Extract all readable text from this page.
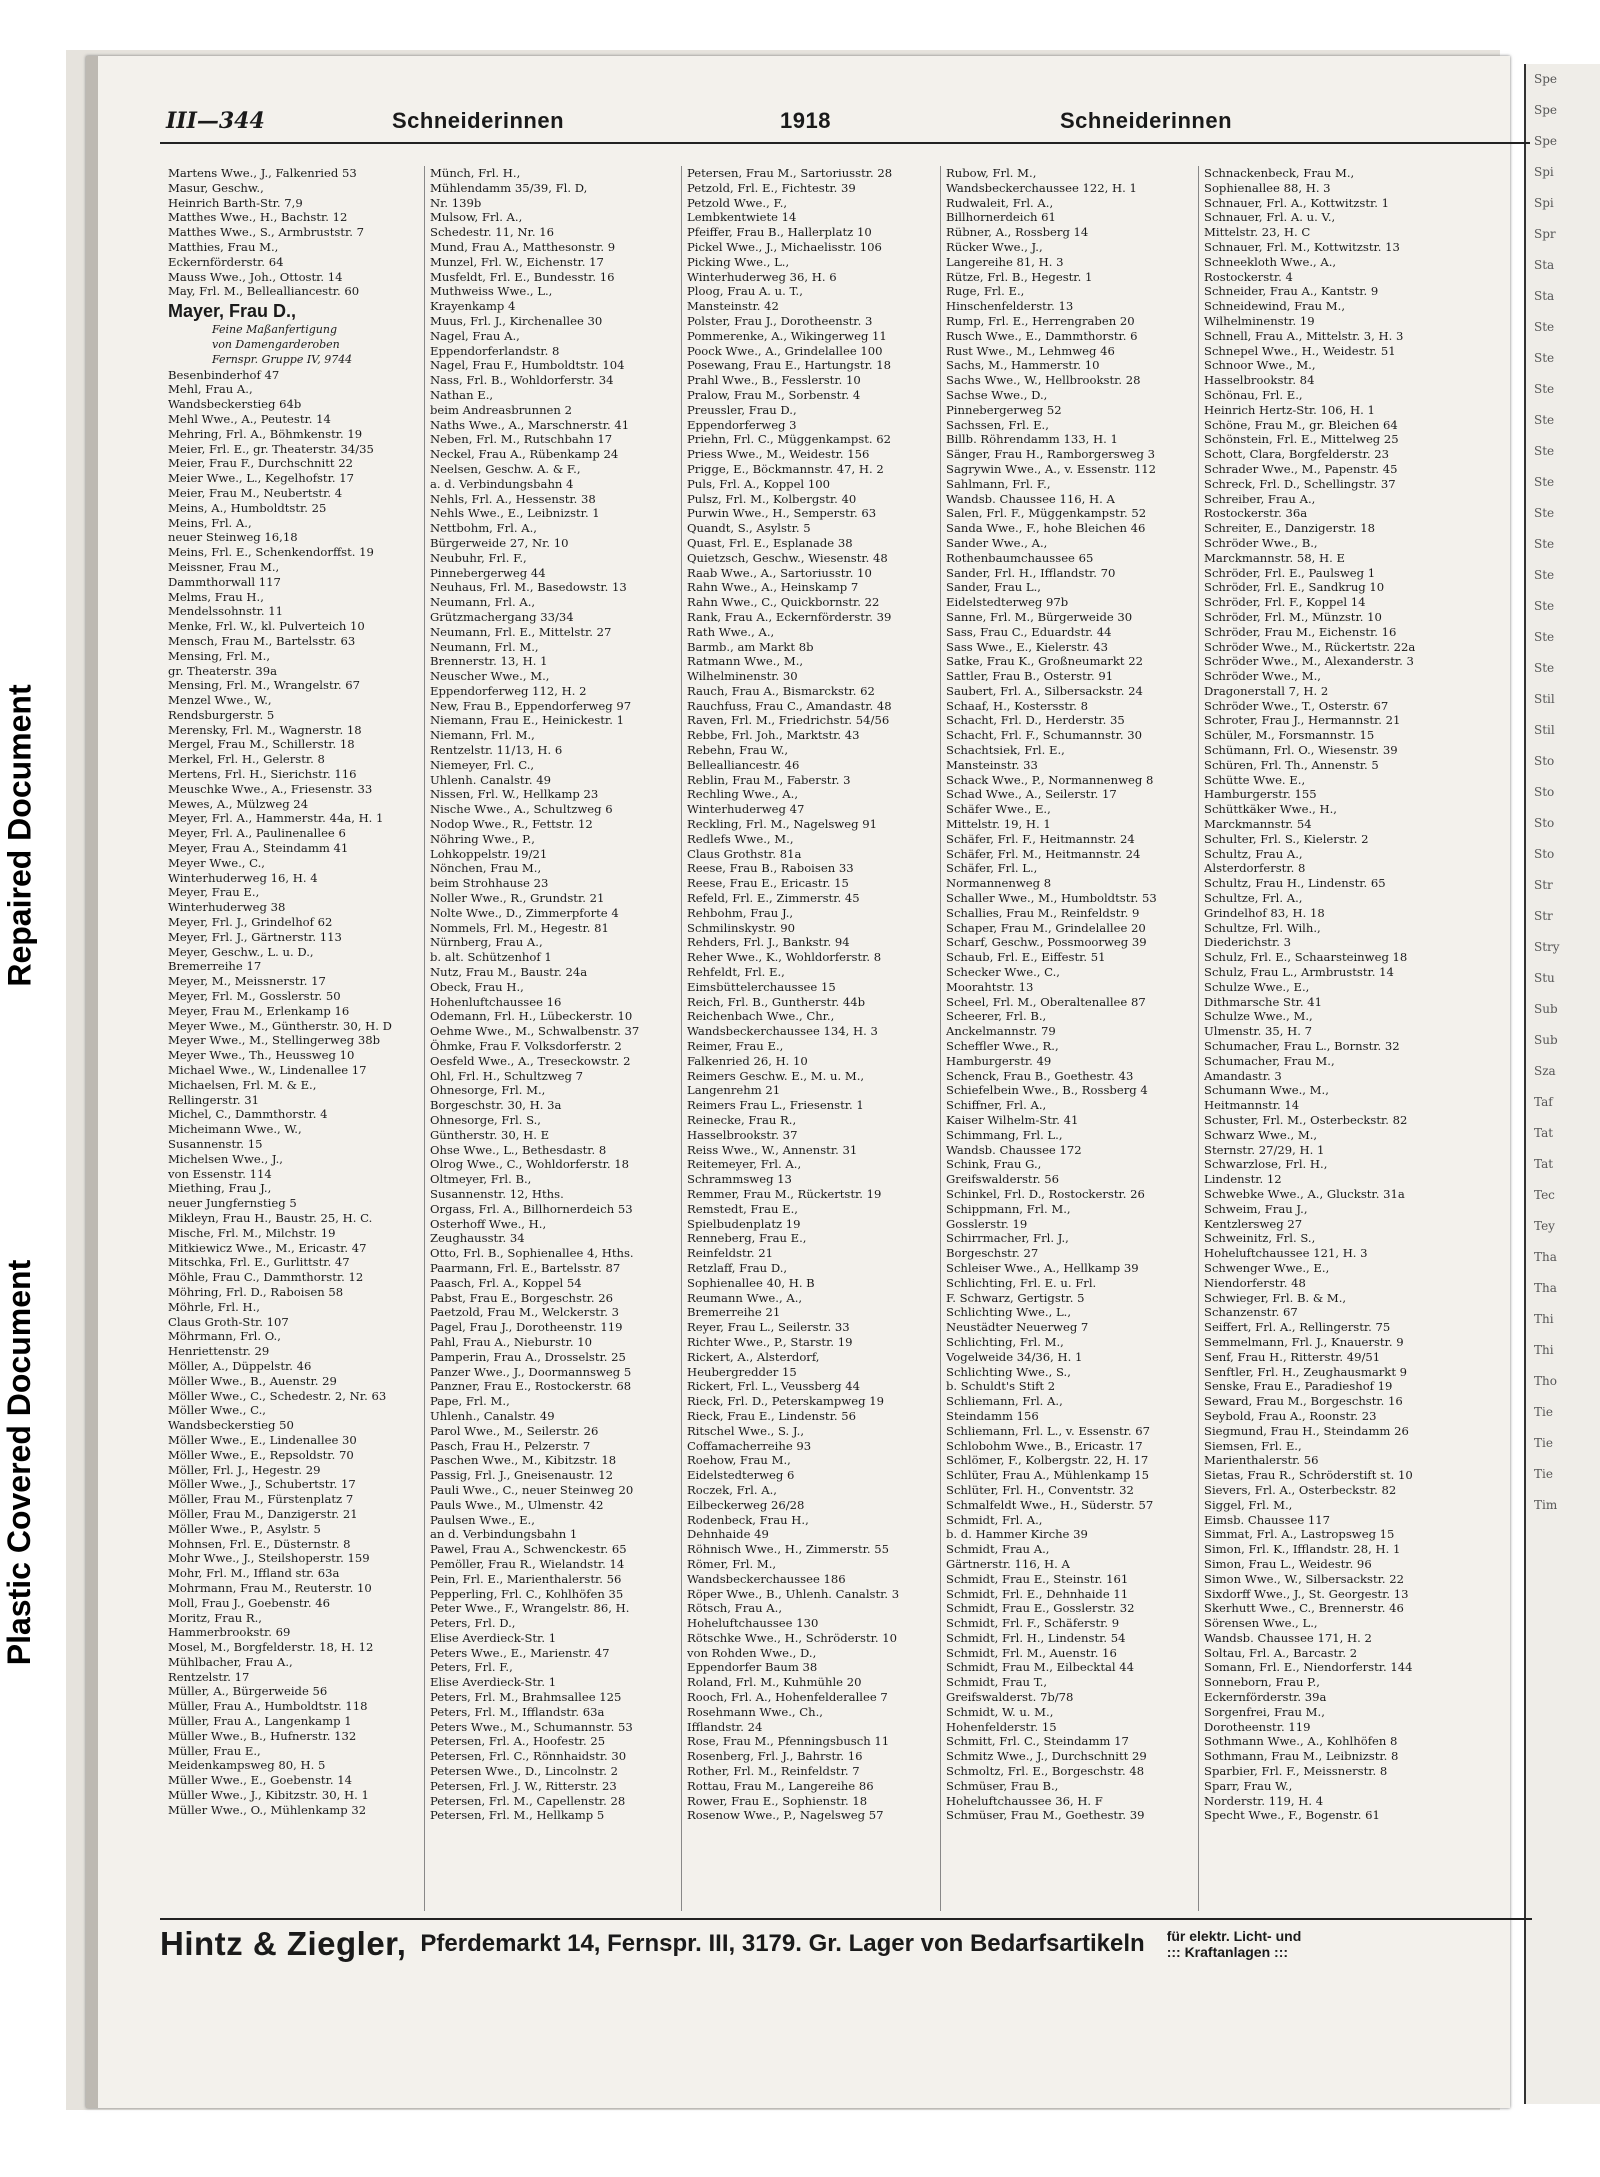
Repaired Document
Plastic Covered Document
Spe
Spe
Spe
Spi
Spi
Spr
Sta
Sta
Ste
Ste
Ste
Ste
Ste
Ste
Ste
Ste
Ste
Ste
Ste
Ste
Stil
Stil
Sto
Sto
Sto
Sto
Str
Str
Stry
Stu
Sub
Sub
Sza
Taf
Tat
Tat
Tec
Tey
Tha
Tha
Thi
Thi
Tho
Tie
Tie
Tie
Tim
III—344	Schneiderinnen	1918	Schneiderinnen
Martens Wwe., J., Falkenried 53
Masur, Geschw.,
Heinrich Barth-Str. 7,9
Matthes Wwe., H., Bachstr. 12
Matthes Wwe., S., Armbruststr. 7
Matthies, Frau M.,
Eckernförderstr. 64
Mauss Wwe., Joh., Ottostr. 14
May, Frl. M., Bellealliancestr. 60
Mayer, Frau D.,
Feine Maßanfertigung
von Damengarderoben
Fernspr. Gruppe IV, 9744
Besenbinderhof 47
Mehl, Frau A.,
Wandsbeckerstieg 64b
Mehl Wwe., A., Peutestr. 14
Mehring, Frl. A., Böhmkenstr. 19
Meier, Frl. E., gr. Theaterstr. 34/35
Meier, Frau F., Durchschnitt 22
Meier Wwe., L., Kegelhofstr. 17
Meier, Frau M., Neubertstr. 4
Meins, A., Humboldtstr. 25
Meins, Frl. A.,
neuer Steinweg 16,18
Meins, Frl. E., Schenkendorffst. 19
Meissner, Frau M.,
Dammthorwall 117
Melms, Frau H.,
Mendelssohnstr. 11
Menke, Frl. W., kl. Pulverteich 10
Mensch, Frau M., Bartelsstr. 63
Mensing, Frl. M.,
gr. Theaterstr. 39a
Mensing, Frl. M., Wrangelstr. 67
Menzel Wwe., W.,
Rendsburgerstr. 5
Merensky, Frl. M., Wagnerstr. 18
Mergel, Frau M., Schillerstr. 18
Merkel, Frl. H., Gelerstr. 8
Mertens, Frl. H., Sierichstr. 116
Meuschke Wwe., A., Friesenstr. 33
Mewes, A., Mülzweg 24
Meyer, Frl. A., Hammerstr. 44a, H. 1
Meyer, Frl. A., Paulinenallee 6
Meyer, Frau A., Steindamm 41
Meyer Wwe., C.,
Winterhuderweg 16, H. 4
Meyer, Frau E.,
Winterhuderweg 38
Meyer, Frl. J., Grindelhof 62
Meyer, Frl. J., Gärtnerstr. 113
Meyer, Geschw., L. u. D.,
Bremerreihe 17
Meyer, M., Meissnerstr. 17
Meyer, Frl. M., Gosslerstr. 50
Meyer, Frau M., Erlenkamp 16
Meyer Wwe., M., Güntherstr. 30, H. D
Meyer Wwe., M., Stellingerweg 38b
Meyer Wwe., Th., Heussweg 10
Michael Wwe., W., Lindenallee 17
Michaelsen, Frl. M. & E.,
Rellingerstr. 31
Michel, C., Dammthorstr. 4
Micheimann Wwe., W.,
Susannenstr. 15
Michelsen Wwe., J.,
von Essenstr. 114
Miething, Frau J.,
neuer Jungfernstieg 5
Mikleyn, Frau H., Baustr. 25, H. C.
Mische, Frl. M., Milchstr. 19
Mitkiewicz Wwe., M., Ericastr. 47
Mitschka, Frl. E., Gurlittstr. 47
Möhle, Frau C., Dammthorstr. 12
Möhring, Frl. D., Raboisen 58
Möhrle, Frl. H.,
Claus Groth-Str. 107
Möhrmann, Frl. O.,
Henriettenstr. 29
Möller, A., Düppelstr. 46
Möller Wwe., B., Auenstr. 29
Möller Wwe., C., Schedestr. 2, Nr. 63
Möller Wwe., C.,
Wandsbeckerstieg 50
Möller Wwe., E., Lindenallee 30
Möller Wwe., E., Repsoldstr. 70
Möller, Frl. J., Hegestr. 29
Möller Wwe., J., Schubertstr. 17
Möller, Frau M., Fürstenplatz 7
Möller, Frau M., Danzigerstr. 21
Möller Wwe., P., Asylstr. 5
Mohnsen, Frl. E., Düsternstr. 8
Mohr Wwe., J., Steilshoperstr. 159
Mohr, Frl. M., Iffland str. 63a
Mohrmann, Frau M., Reuterstr. 10
Moll, Frau J., Goebenstr. 46
Moritz, Frau R.,
Hammerbrookstr. 69
Mosel, M., Borgfelderstr. 18, H. 12
Mühlbacher, Frau A.,
Rentzelstr. 17
Müller, A., Bürgerweide 56
Müller, Frau A., Humboldtstr. 118
Müller, Frau A., Langenkamp 1
Müller Wwe., B., Hufnerstr. 132
Müller, Frau E.,
Meidenkampsweg 80, H. 5
Müller Wwe., E., Goebenstr. 14
Müller Wwe., J., Kibitzstr. 30, H. 1
Müller Wwe., O., Mühlenkamp 32
Münch, Frl. H.,
Mühlendamm 35/39, Fl. D,
Nr. 139b
Mulsow, Frl. A.,
Schedestr. 11, Nr. 16
Mund, Frau A., Matthesonstr. 9
Munzel, Frl. W., Eichenstr. 17
Musfeldt, Frl. E., Bundesstr. 16
Muthweiss Wwe., L.,
Krayenkamp 4
Muus, Frl. J., Kirchenallee 30
Nagel, Frau A.,
Eppendorferlandstr. 8
Nagel, Frau F., Humboldtstr. 104
Nass, Frl. B., Wohldorferstr. 34
Nathan E.,
beim Andreasbrunnen 2
Naths Wwe., A., Marschnerstr. 41
Neben, Frl. M., Rutschbahn 17
Neckel, Frau A., Rübenkamp 24
Neelsen, Geschw. A. & F.,
a. d. Verbindungsbahn 4
Nehls, Frl. A., Hessenstr. 38
Nehls Wwe., E., Leibnizstr. 1
Nettbohm, Frl. A.,
Bürgerweide 27, Nr. 10
Neubuhr, Frl. F.,
Pinnebergerweg 44
Neuhaus, Frl. M., Basedowstr. 13
Neumann, Frl. A.,
Grützmachergang 33/34
Neumann, Frl. E., Mittelstr. 27
Neumann, Frl. M.,
Brennerstr. 13, H. 1
Neuscher Wwe., M.,
Eppendorferweg 112, H. 2
New, Frau B., Eppendorferweg 97
Niemann, Frau E., Heinickestr. 1
Niemann, Frl. M.,
Rentzelstr. 11/13, H. 6
Niemeyer, Frl. C.,
Uhlenh. Canalstr. 49
Nissen, Frl. W., Hellkamp 23
Nische Wwe., A., Schultzweg 6
Nodop Wwe., R., Fettstr. 12
Nöhring Wwe., P.,
Lohkoppelstr. 19/21
Nönchen, Frau M.,
beim Strohhause 23
Noller Wwe., R., Grundstr. 21
Nolte Wwe., D., Zimmerpforte 4
Nommels, Frl. M., Hegestr. 81
Nürnberg, Frau A.,
b. alt. Schützenhof 1
Nutz, Frau M., Baustr. 24a
Obeck, Frau H.,
Hohenluftchaussee 16
Odemann, Frl. H., Lübeckerstr. 10
Oehme Wwe., M., Schwalbenstr. 37
Öhmke, Frau F. Volksdorferstr. 2
Oesfeld Wwe., A., Treseckowstr. 2
Ohl, Frl. H., Schultzweg 7
Ohnesorge, Frl. M.,
Borgeschstr. 30, H. 3a
Ohnesorge, Frl. S.,
Güntherstr. 30, H. E
Ohse Wwe., L., Bethesdastr. 8
Olrog Wwe., C., Wohldorferstr. 18
Oltmeyer, Frl. B.,
Susannenstr. 12, Hths.
Orgass, Frl. A., Billhornerdeich 53
Osterhoff Wwe., H.,
Zeughausstr. 34
Otto, Frl. B., Sophienallee 4, Hths.
Paarmann, Frl. E., Bartelsstr. 87
Paasch, Frl. A., Koppel 54
Pabst, Frau E., Borgeschstr. 26
Paetzold, Frau M., Welckerstr. 3
Pagel, Frau J., Dorotheenstr. 119
Pahl, Frau A., Nieburstr. 10
Pamperin, Frau A., Drosselstr. 25
Panzer Wwe., J., Doormannsweg 5
Panzner, Frau E., Rostockerstr. 68
Pape, Frl. M.,
Uhlenh., Canalstr. 49
Parol Wwe., M., Seilerstr. 26
Pasch, Frau H., Pelzerstr. 7
Paschen Wwe., M., Kibitzstr. 18
Passig, Frl. J., Gneisenaustr. 12
Pauli Wwe., C., neuer Steinweg 20
Pauls Wwe., M., Ulmenstr. 42
Paulsen Wwe., E.,
an d. Verbindungsbahn 1
Pawel, Frau A., Schwenckestr. 65
Pemöller, Frau R., Wielandstr. 14
Pein, Frl. E., Marienthalerstr. 56
Pepperling, Frl. C., Kohlhöfen 35
Peter Wwe., F., Wrangelstr. 86, H.
Peters, Frl. D.,
Elise Averdieck-Str. 1
Peters Wwe., E., Marienstr. 47
Peters, Frl. F.,
Elise Averdieck-Str. 1
Peters, Frl. M., Brahmsallee 125
Peters, Frl. M., Ifflandstr. 63a
Peters Wwe., M., Schumannstr. 53
Petersen, Frl. A., Hoofestr. 25
Petersen, Frl. C., Rönnhaidstr. 30
Petersen Wwe., D., Lincolnstr. 2
Petersen, Frl. J. W., Ritterstr. 23
Petersen, Frl. M., Capellenstr. 28
Petersen, Frl. M., Hellkamp 5
Petersen, Frau M., Sartoriusstr. 28
Petzold, Frl. E., Fichtestr. 39
Petzold Wwe., F.,
Lembkentwiete 14
Pfeiffer, Frau B., Hallerplatz 10
Pickel Wwe., J., Michaelisstr. 106
Picking Wwe., L.,
Winterhuderweg 36, H. 6
Ploog, Frau A. u. T.,
Mansteinstr. 42
Polster, Frau J., Dorotheenstr. 3
Pommerenke, A., Wikingerweg 11
Poock Wwe., A., Grindelallee 100
Posewang, Frau E., Hartungstr. 18
Prahl Wwe., B., Fesslerstr. 10
Pralow, Frau M., Sorbenstr. 4
Preussler, Frau D.,
Eppendorferweg 3
Priehn, Frl. C., Müggenkampst. 62
Priess Wwe., M., Weidestr. 156
Prigge, E., Böckmannstr. 47, H. 2
Puls, Frl. A., Koppel 100
Pulsz, Frl. M., Kolbergstr. 40
Purwin Wwe., H., Semperstr. 63
Quandt, S., Asylstr. 5
Quast, Frl. E., Esplanade 38
Quietzsch, Geschw., Wiesenstr. 48
Raab Wwe., A., Sartoriusstr. 10
Rahn Wwe., A., Heinskamp 7
Rahn Wwe., C., Quickbornstr. 22
Rank, Frau A., Eckernförderstr. 39
Rath Wwe., A.,
Barmb., am Markt 8b
Ratmann Wwe., M.,
Wilhelminenstr. 30
Rauch, Frau A., Bismarckstr. 62
Rauchfuss, Frau C., Amandastr. 48
Raven, Frl. M., Friedrichstr. 54/56
Rebbe, Frl. Joh., Marktstr. 43
Rebehn, Frau W.,
Bellealliancestr. 46
Reblin, Frau M., Faberstr. 3
Rechling Wwe., A.,
Winterhuderweg 47
Reckling, Frl. M., Nagelsweg 91
Redlefs Wwe., M.,
Claus Grothstr. 81a
Reese, Frau B., Raboisen 33
Reese, Frau E., Ericastr. 15
Refeld, Frl. E., Zimmerstr. 45
Rehbohm, Frau J.,
Schmilinskystr. 90
Rehders, Frl. J., Bankstr. 94
Reher Wwe., K., Wohldorferstr. 8
Rehfeldt, Frl. E.,
Eimsbüttelerchaussee 15
Reich, Frl. B., Guntherstr. 44b
Reichenbach Wwe., Chr.,
Wandsbeckerchaussee 134, H. 3
Reimer, Frau E.,
Falkenried 26, H. 10
Reimers Geschw. E., M. u. M.,
Langenrehm 21
Reimers Frau L., Friesenstr. 1
Reinecke, Frau R.,
Hasselbrookstr. 37
Reiss Wwe., W., Annenstr. 31
Reitemeyer, Frl. A.,
Schrammsweg 13
Remmer, Frau M., Rückertstr. 19
Remstedt, Frau E.,
Spielbudenplatz 19
Renneberg, Frau E.,
Reinfeldstr. 21
Retzlaff, Frau D.,
Sophienallee 40, H. B
Reumann Wwe., A.,
Bremerreihe 21
Reyer, Frau L., Seilerstr. 33
Richter Wwe., P., Starstr. 19
Rickert, A., Alsterdorf,
Heubergredder 15
Rickert, Frl. L., Veussberg 44
Rieck, Frl. D., Peterskampweg 19
Rieck, Frau E., Lindenstr. 56
Ritschel Wwe., S. J.,
Coffamacherreihe 93
Roehow, Frau M.,
Eidelstedterweg 6
Roczek, Frl. A.,
Eilbeckerweg 26/28
Rodenbeck, Frau H.,
Dehnhaide 49
Röhnisch Wwe., H., Zimmerstr. 55
Römer, Frl. M.,
Wandsbeckerchaussee 186
Röper Wwe., B., Uhlenh. Canalstr. 3
Rötsch, Frau A.,
Hoheluftchaussee 130
Rötschke Wwe., H., Schröderstr. 10
von Rohden Wwe., D.,
Eppendorfer Baum 38
Roland, Frl. M., Kuhmühle 20
Rooch, Frl. A., Hohenfelderallee 7
Rosehmann Wwe., Ch.,
Ifflandstr. 24
Rose, Frau M., Pfenningsbusch 11
Rosenberg, Frl. J., Bahrstr. 16
Rother, Frl. M., Reinfeldstr. 7
Rottau, Frau M., Langereihe 86
Rower, Frau E., Sophienstr. 18
Rosenow Wwe., P., Nagelsweg 57
Rubow, Frl. M.,
Wandsbeckerchaussee 122, H. 1
Rudwaleit, Frl. A.,
Billhornerdeich 61
Rübner, A., Rossberg 14
Rücker Wwe., J.,
Langereihe 81, H. 3
Rütze, Frl. B., Hegestr. 1
Ruge, Frl. E.,
Hinschenfelderstr. 13
Rump, Frl. E., Herrengraben 20
Rusch Wwe., E., Dammthorstr. 6
Rust Wwe., M., Lehmweg 46
Sachs, M., Hammerstr. 10
Sachs Wwe., W., Hellbrookstr. 28
Sachse Wwe., D.,
Pinnebergerweg 52
Sachssen, Frl. E.,
Billb. Röhrendamm 133, H. 1
Sänger, Frau H., Ramborgersweg 3
Sagrywin Wwe., A., v. Essenstr. 112
Sahlmann, Frl. F.,
Wandsb. Chaussee 116, H. A
Salen, Frl. F., Müggenkampstr. 52
Sanda Wwe., F., hohe Bleichen 46
Sander Wwe., A.,
Rothenbaumchaussee 65
Sander, Frl. H., Ifflandstr. 70
Sander, Frau L.,
Eidelstedterweg 97b
Sanne, Frl. M., Bürgerweide 30
Sass, Frau C., Eduardstr. 44
Sass Wwe., E., Kielerstr. 43
Satke, Frau K., Großneumarkt 22
Sattler, Frau B., Osterstr. 91
Saubert, Frl. A., Silbersackstr. 24
Schaaf, H., Kostersstr. 8
Schacht, Frl. D., Herderstr. 35
Schacht, Frl. F., Schumannstr. 30
Schachtsiek, Frl. E.,
Mansteinstr. 33
Schack Wwe., P., Normannenweg 8
Schad Wwe., A., Seilerstr. 17
Schäfer Wwe., E.,
Mittelstr. 19, H. 1
Schäfer, Frl. F., Heitmannstr. 24
Schäfer, Frl. M., Heitmannstr. 24
Schäfer, Frl. L.,
Normannenweg 8
Schaller Wwe., M., Humboldtstr. 53
Schallies, Frau M., Reinfeldstr. 9
Schaper, Frau M., Grindelallee 20
Scharf, Geschw., Possmoorweg 39
Schaub, Frl. E., Eiffestr. 51
Schecker Wwe., C.,
Moorahtstr. 13
Scheel, Frl. M., Oberaltenallee 87
Scheerer, Frl. B.,
Anckelmannstr. 79
Scheffler Wwe., R.,
Hamburgerstr. 49
Schenck, Frau B., Goethestr. 43
Schiefelbein Wwe., B., Rossberg 4
Schiffner, Frl. A.,
Kaiser Wilhelm-Str. 41
Schimmang, Frl. L.,
Wandsb. Chaussee 172
Schink, Frau G.,
Greifswalderstr. 56
Schinkel, Frl. D., Rostockerstr. 26
Schippmann, Frl. M.,
Gosslerstr. 19
Schirrmacher, Frl. J.,
Borgeschstr. 27
Schleiser Wwe., A., Hellkamp 39
Schlichting, Frl. E. u. Frl.
F. Schwarz, Gertigstr. 5
Schlichting Wwe., L.,
Neustädter Neuerweg 7
Schlichting, Frl. M.,
Vogelweide 34/36, H. 1
Schlichting Wwe., S.,
b. Schuldt's Stift 2
Schliemann, Frl. A.,
Steindamm 156
Schliemann, Frl. L., v. Essenstr. 67
Schlobohm Wwe., B., Ericastr. 17
Schlömer, F., Kolbergstr. 22, H. 17
Schlüter, Frau A., Mühlenkamp 15
Schlüter, Frl. H., Conventstr. 32
Schmalfeldt Wwe., H., Süderstr. 57
Schmidt, Frl. A.,
b. d. Hammer Kirche 39
Schmidt, Frau A.,
Gärtnerstr. 116, H. A
Schmidt, Frau E., Steinstr. 161
Schmidt, Frl. E., Dehnhaide 11
Schmidt, Frau E., Gosslerstr. 32
Schmidt, Frl. F., Schäferstr. 9
Schmidt, Frl. H., Lindenstr. 54
Schmidt, Frl. M., Auenstr. 16
Schmidt, Frau M., Eilbecktal 44
Schmidt, Frau T.,
Greifswalderst. 7b/78
Schmidt, W. u. M.,
Hohenfelderstr. 15
Schmitt, Frl. C., Steindamm 17
Schmitz Wwe., J., Durchschnitt 29
Schmoltz, Frl. E., Borgeschstr. 48
Schmüser, Frau B.,
Hoheluftchaussee 36, H. F
Schmüser, Frau M., Goethestr. 39
Schnackenbeck, Frau M.,
Sophienallee 88, H. 3
Schnauer, Frl. A., Kottwitzstr. 1
Schnauer, Frl. A. u. V.,
Mittelstr. 23, H. C
Schnauer, Frl. M., Kottwitzstr. 13
Schneekloth Wwe., A.,
Rostockerstr. 4
Schneider, Frau A., Kantstr. 9
Schneidewind, Frau M.,
Wilhelminenstr. 19
Schnell, Frau A., Mittelstr. 3, H. 3
Schnepel Wwe., H., Weidestr. 51
Schnoor Wwe., M.,
Hasselbrookstr. 84
Schönau, Frl. E.,
Heinrich Hertz-Str. 106, H. 1
Schöne, Frau M., gr. Bleichen 64
Schönstein, Frl. E., Mittelweg 25
Schott, Clara, Borgfelderstr. 23
Schrader Wwe., M., Papenstr. 45
Schreck, Frl. D., Schellingstr. 37
Schreiber, Frau A.,
Rostockerstr. 36a
Schreiter, E., Danzigerstr. 18
Schröder Wwe., B.,
Marckmannstr. 58, H. E
Schröder, Frl. E., Paulsweg 1
Schröder, Frl. E., Sandkrug 10
Schröder, Frl. F., Koppel 14
Schröder, Frl. M., Münzstr. 10
Schröder, Frau M., Eichenstr. 16
Schröder Wwe., M., Rückertstr. 22a
Schröder Wwe., M., Alexanderstr. 3
Schröder Wwe., M.,
Dragonerstall 7, H. 2
Schröder Wwe., T., Osterstr. 67
Schroter, Frau J., Hermannstr. 21
Schüler, M., Forsmannstr. 15
Schümann, Frl. O., Wiesenstr. 39
Schüren, Frl. Th., Annenstr. 5
Schütte Wwe. E.,
Hamburgerstr. 155
Schüttkäker Wwe., H.,
Marckmannstr. 54
Schulter, Frl. S., Kielerstr. 2
Schultz, Frau A.,
Alsterdorferstr. 8
Schultz, Frau H., Lindenstr. 65
Schultze, Frl. A.,
Grindelhof 83, H. 18
Schultze, Frl. Wilh.,
Diederichstr. 3
Schulz, Frl. E., Schaarsteinweg 18
Schulz, Frau L., Armbruststr. 14
Schulze Wwe., E.,
Dithmarsche Str. 41
Schulze Wwe., M.,
Ulmenstr. 35, H. 7
Schumacher, Frau L., Bornstr. 32
Schumacher, Frau M.,
Amandastr. 3
Schumann Wwe., M.,
Heitmannstr. 14
Schuster, Frl. M., Osterbeckstr. 82
Schwarz Wwe., M.,
Sternstr. 27/29, H. 1
Schwarzlose, Frl. H.,
Lindenstr. 12
Schwebke Wwe., A., Gluckstr. 31a
Schweim, Frau J.,
Kentzlersweg 27
Schweinitz, Frl. S.,
Hoheluftchaussee 121, H. 3
Schwenger Wwe., E.,
Niendorferstr. 48
Schwieger, Frl. B. & M.,
Schanzenstr. 67
Seiffert, Frl. A., Rellingerstr. 75
Semmelmann, Frl. J., Knauerstr. 9
Senf, Frau H., Ritterstr. 49/51
Senftler, Frl. H., Zeughausmarkt 9
Senske, Frau E., Paradieshof 19
Seward, Frau M., Borgeschstr. 16
Seybold, Frau A., Roonstr. 23
Siegmund, Frau H., Steindamm 26
Siemsen, Frl. E.,
Marienthalerstr. 56
Sietas, Frau R., Schröderstift st. 10
Sievers, Frl. A., Osterbeckstr. 82
Siggel, Frl. M.,
Eimsb. Chaussee 117
Simmat, Frl. A., Lastropsweg 15
Simon, Frl. K., Ifflandstr. 28, H. 1
Simon, Frau L., Weidestr. 96
Simon Wwe., W., Silbersackstr. 22
Sixdorff Wwe., J., St. Georgestr. 13
Skerhutt Wwe., C., Brennerstr. 46
Sörensen Wwe., L.,
Wandsb. Chaussee 171, H. 2
Soltau, Frl. A., Barcastr. 2
Somann, Frl. E., Niendorferstr. 144
Sonneborn, Frau P.,
Eckernförderstr. 39a
Sorgenfrei, Frau M.,
Dorotheenstr. 119
Sothmann Wwe., A., Kohlhöfen 8
Sothmann, Frau M., Leibnizstr. 8
Sparbier, Frl. F., Meissnerstr. 8
Sparr, Frau W.,
Norderstr. 119, H. 4
Specht Wwe., F., Bogenstr. 61
Hintz & Ziegler, Pferdemarkt 14, Fernspr. III, 3179. Gr. Lager von Bedarfsartikeln für elektr. Licht- und
::: Kraftanlagen :::
